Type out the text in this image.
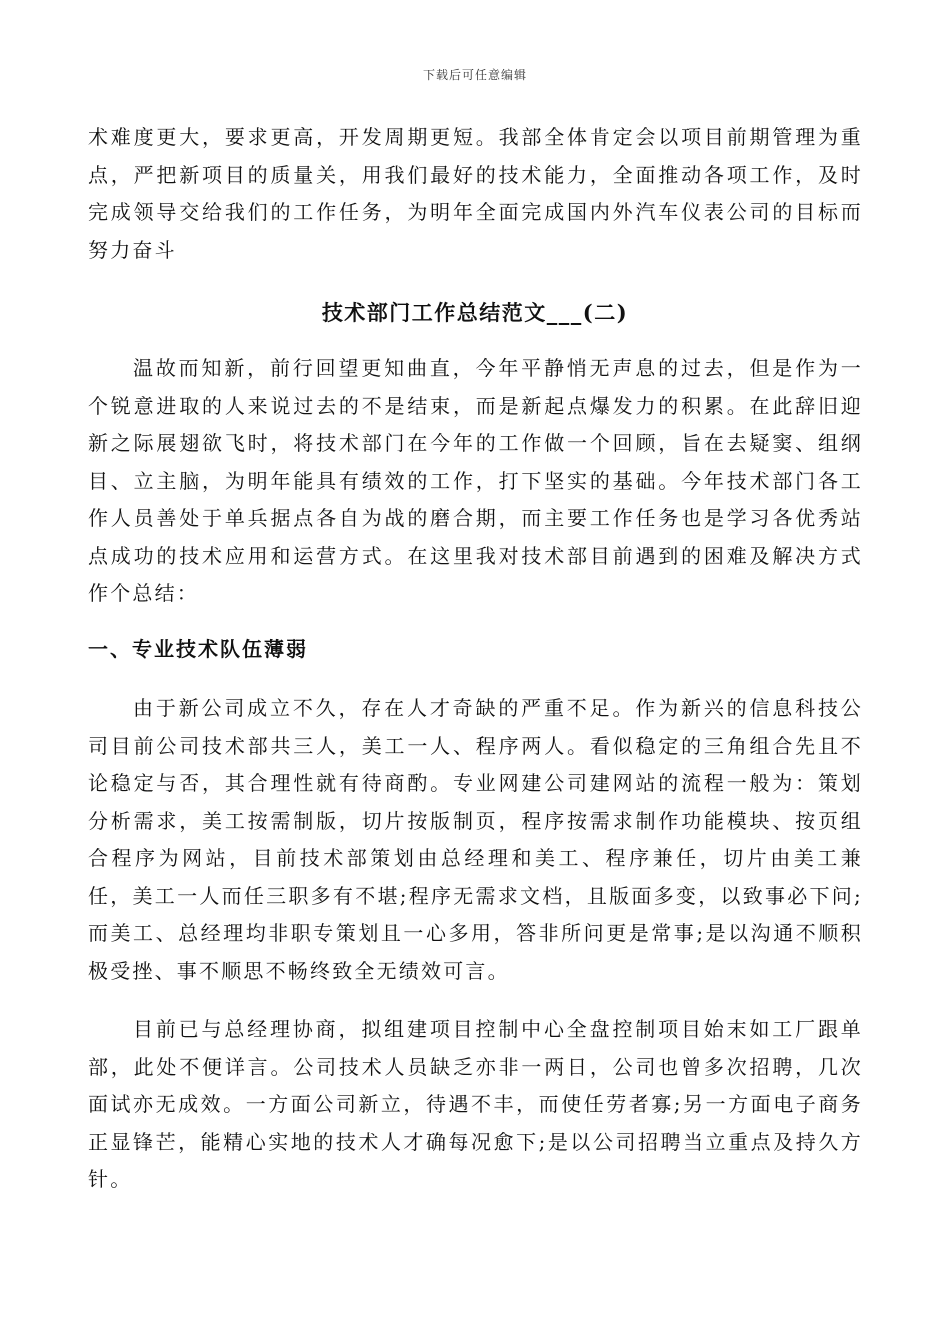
下载后可任意编辑

术难度更大，要求更高，开发周期更短。我部全体肯定会以项目前期管理为重点，严把新项目的质量关，用我们最好的技术能力，全面推动各项工作，及时完成领导交给我们的工作任务，为明年全面完成国内外汽车仪表公司的目标而努力奋斗

技术部门工作总结范文___(二)

温故而知新，前行回望更知曲直，今年平静悄无声息的过去，但是作为一个锐意进取的人来说过去的不是结束，而是新起点爆发力的积累。在此辞旧迎新之际展翅欲飞时，将技术部门在今年的工作做一个回顾，旨在去疑窦、组纲目、立主脑，为明年能具有绩效的工作，打下坚实的基础。今年技术部门各工作人员善处于单兵据点各自为战的磨合期，而主要工作任务也是学习各优秀站点成功的技术应用和运营方式。在这里我对技术部目前遇到的困难及解决方式作个总结：

一、专业技术队伍薄弱

由于新公司成立不久，存在人才奇缺的严重不足。作为新兴的信息科技公司目前公司技术部共三人，美工一人、程序两人。看似稳定的三角组合先且不论稳定与否，其合理性就有待商酌。专业网建公司建网站的流程一般为：策划分析需求，美工按需制版，切片按版制页，程序按需求制作功能模块、按页组合程序为网站，目前技术部策划由总经理和美工、程序兼任，切片由美工兼任，美工一人而任三职多有不堪;程序无需求文档，且版面多变，以致事必下问;而美工、总经理均非职专策划且一心多用，答非所问更是常事;是以沟通不顺积极受挫、事不顺思不畅终致全无绩效可言。

目前已与总经理协商，拟组建项目控制中心全盘控制项目始末如工厂跟单部，此处不便详言。公司技术人员缺乏亦非一两日，公司也曾多次招聘，几次面试亦无成效。一方面公司新立，待遇不丰，而使任劳者寡;另一方面电子商务正显锋芒，能精心实地的技术人才确每况愈下;是以公司招聘当立重点及持久方针。
